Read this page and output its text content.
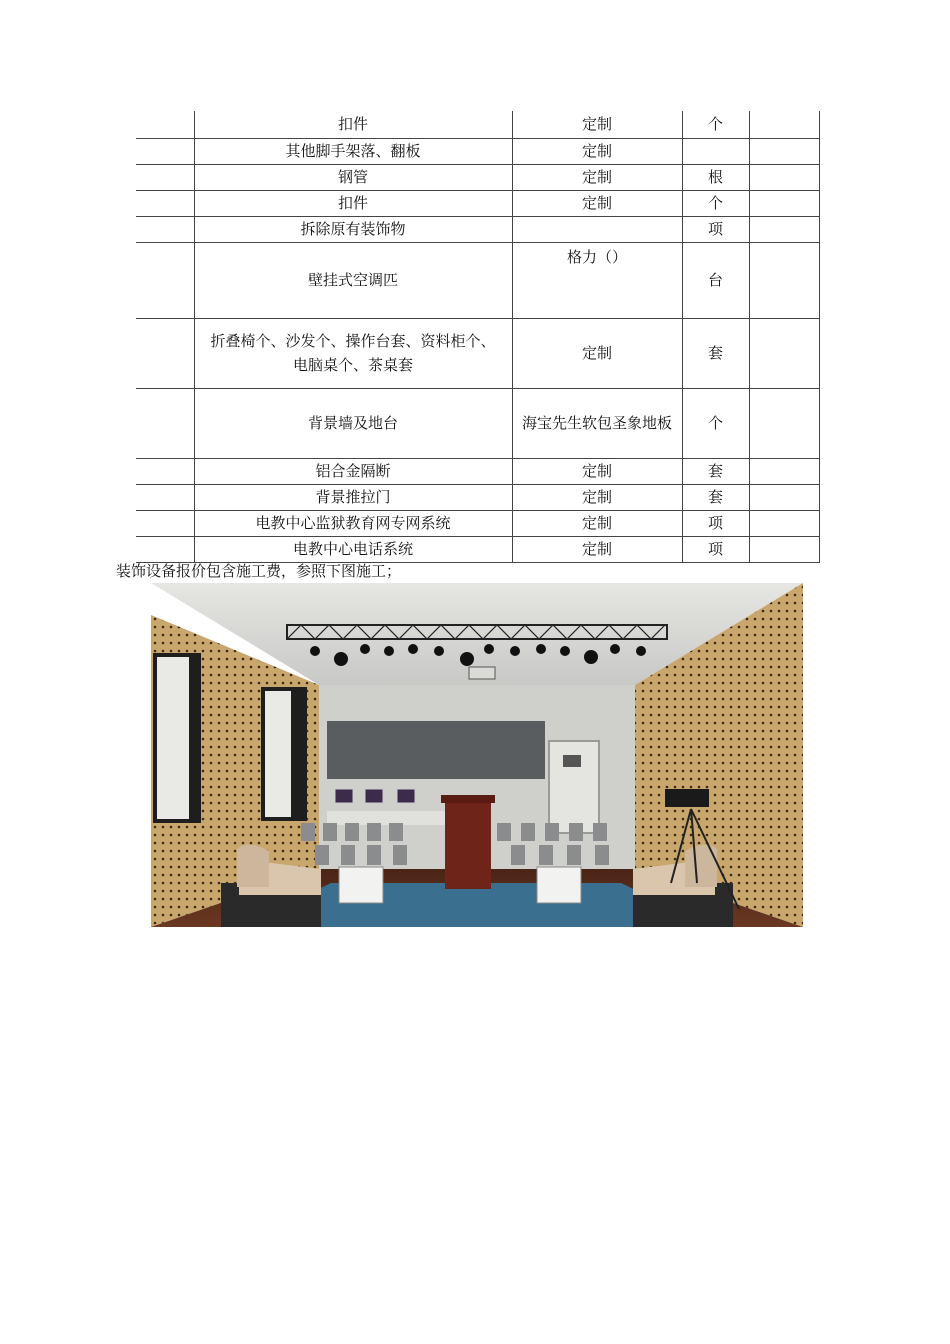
	扣件	定制	个	
	其他脚手架落、翻板	定制		
	钢管	定制	根	
	扣件	定制	个	
	拆除原有装饰物		项	
	壁挂式空调匹	格力（）	台	
	折叠椅个、沙发个、操作台套、资料柜个、电脑桌个、茶桌套	定制	套	
	背景墙及地台	海宝先生软包圣象地板	个	
	铝合金隔断	定制	套	
	背景推拉门	定制	套	
	电教中心监狱教育网专网系统	定制	项	
	电教中心电话系统	定制	项	
装饰设备报价包含施工费，参照下图施工；
